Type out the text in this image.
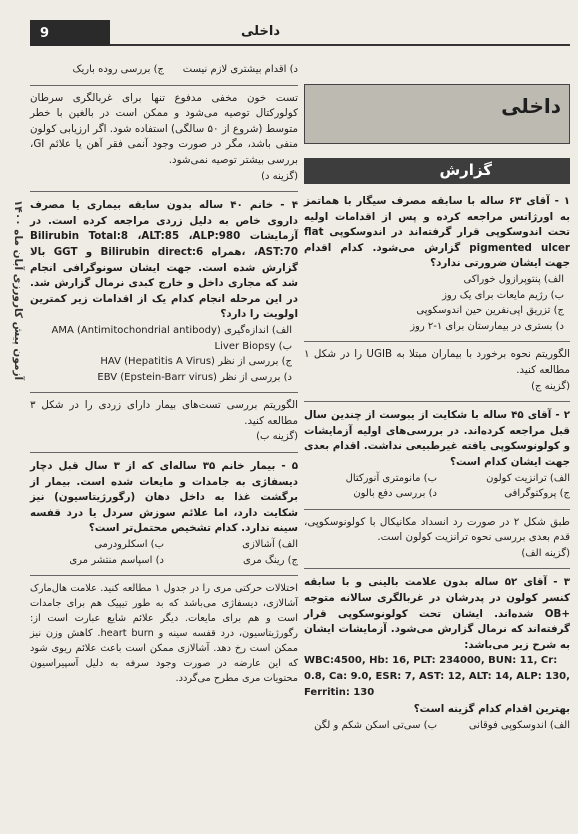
9	داخلی
آزمون پیش کارورزی آبان ماه ۱۴۰۰
د) اقدام بیشتری لازم نیست
ج) بررسی روده باریک
تست خون مخفی مدفوع تنها برای غربالگری سرطان کولورکتال توصیه می‌شود و ممکن است در بالغین با خطر متوسط (شروع از ۵۰ سالگی) استفاده شود. اگر ارزیابی کولون منفی باشد، مگر در صورت وجود آنمی فقر آهن یا علائم GI، بررسی بیشتر توصیه نمی‌شود.
(گزینه د)
۴ - خانم ۴۰ ساله بدون سابقه بیماری یا مصرف داروی خاص به دلیل زردی مراجعه کرده است. در آزمایشات Bilirubin Total:8 ،ALT:85 ،ALP:980 ،AST:70 ،همراه Bilirubin direct:6 و GGT بالا گزارش شده است. جهت ایشان سونوگرافی انجام شد که مجاری داخل و خارج کبدی نرمال گزارش شد. در این مرحله انجام کدام یک از اقدامات زیر کمترین اولویت را دارد؟
الف) اندازه‌گیری AMA (Antimitochondrial antibody)
ب) Liver Biopsy
ج) بررسی از نظر HAV (Hepatitis A Virus)
د) بررسی از نظر EBV (Epstein-Barr virus)
الگوریتم بررسی تست‌های بیمار دارای زردی را در شکل ۳ مطالعه کنید.
(گزینه ب)
۵ - بیمار خانم ۳۵ ساله‌ای که از ۳ سال قبل دچار دیسفاژی به جامدات و مایعات شده است. بیمار از برگشت غذا به داخل دهان (رگورژیتاسیون) نیز شکایت دارد، اما علائم سوزش سردل یا درد قفسه سینه ندارد. کدام تشخیص محتمل‌تر است؟
الف) آشالازی
ب) اسکلرودرمی
ج) رینگ مری
د) اسپاسم منتشر مری
اختلالات حرکتی مری را در جدول ۱ مطالعه کنید. علامت هال‌مارک آشالازی، دیسفاژی می‌باشد که به طور تیپیک هم برای جامدات است و هم برای مایعات. دیگر علائم شایع عبارت است از: رگورژیتاسیون، درد قفسه سینه و heart burn. کاهش وزن نیز ممکن است رخ دهد. آشالازی ممکن است باعث علائم ریوی شود که این عارضه در صورت وجود سرفه به دلیل آسپیراسیون محتویات مری مطرح می‌گردد.
داخلی
گزارش
۱ - آقای ۶۳ ساله با سابقه مصرف سیگار با هماتمز به اورژانس مراجعه کرده و پس از اقدامات اولیه تحت اندوسکوپی قرار گرفته‌اند در اندوسکوپی flat pigmented ulcer گزارش می‌شود. کدام اقدام جهت ایشان ضرورتی ندارد؟
الف) پنتوپرازول خوراکی
ب) رژیم مایعات برای یک روز
ج) تزریق اپی‌نفرین حین اندوسکوپی
د) بستری در بیمارستان برای ۱-۲ روز
الگوریتم نحوه برخورد با بیماران مبتلا به UGIB را در شکل ۱ مطالعه کنید.
(گزینه ج)
۲ - آقای ۴۵ ساله با شکایت از یبوست از چندین سال قبل مراجعه کرده‌اند. در بررسی‌های اولیه آزمایشات و کولونوسکوپی یافته غیرطبیعی نداشت. اقدام بعدی جهت ایشان کدام است؟
الف) ترانزیت کولون
ب) مانومتری آنورکتال
ج) پروکتوگرافی
د) بررسی دفع بالون
طبق شکل ۲ در صورت رد انسداد مکانیکال با کولونوسکوپی، قدم بعدی بررسی نحوه ترانزیت کولون است.
(گزینه الف)
۳ - آقای ۵۲ ساله بدون علامت بالینی و با سابقه کنسر کولون در پدرشان در غربالگری سالانه متوجه +OB شده‌اند. ایشان تحت کولونوسکوپی قرار گرفته‌اند که نرمال گزارش می‌شود. آزمایشات ایشان به شرح زیر می‌باشد:
WBC:4500, Hb: 16, PLT: 234000, BUN: 11, Cr: 0.8, Ca: 9.0, ESR: 7, AST: 12, ALT: 14, ALP: 130, Ferritin: 130
بهترین اقدام کدام گزینه است؟
الف) اندوسکوپی فوقانی
ب) سی‌تی اسکن شکم و لگن
